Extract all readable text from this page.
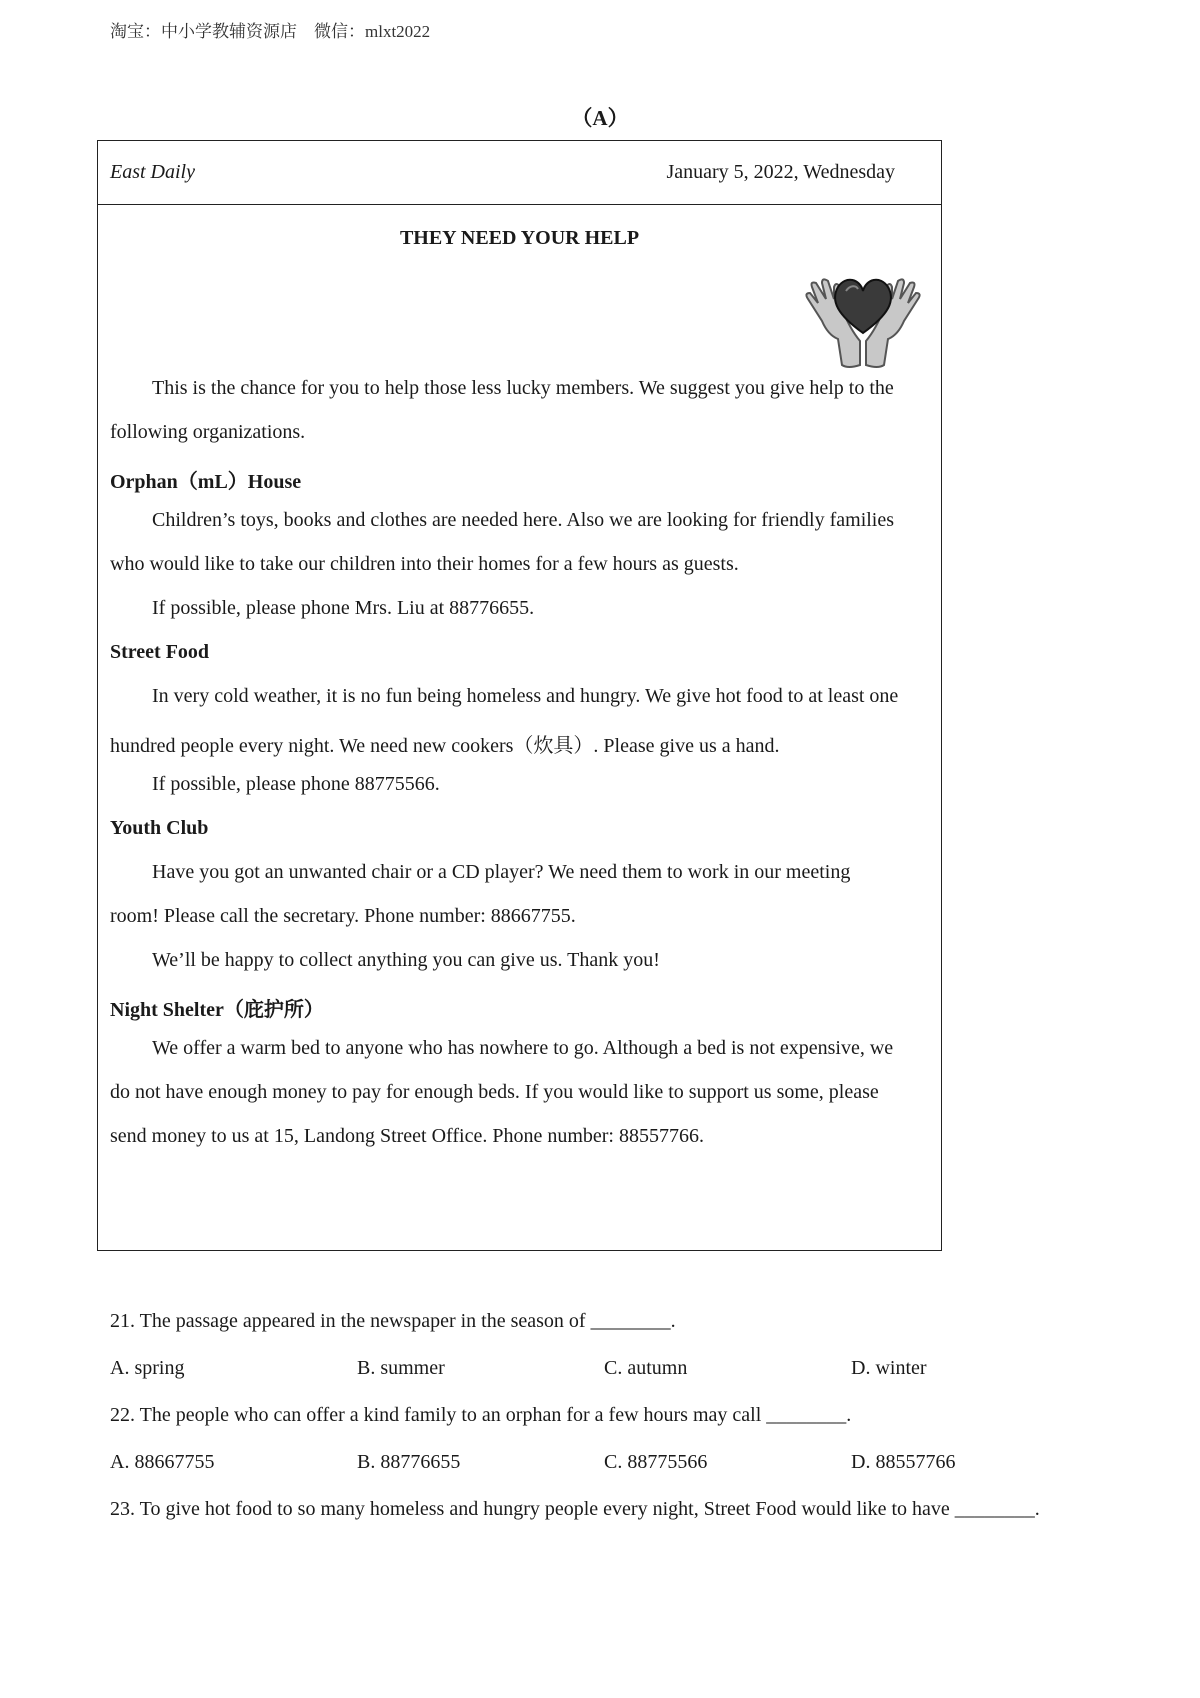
淘宝：中小学教辅资源店　微信：mlxt2022
（A）
East Daily	January 5, 2022, Wednesday
THEY NEED YOUR HELP
This is the chance for you to help those less lucky members. We suggest you give help to the
following organizations.
Orphan（mL）House
Children’s toys, books and clothes are needed here. Also we are looking for friendly families
who would like to take our children into their homes for a few hours as guests.
If possible, please phone Mrs. Liu at 88776655.
Street Food
In very cold weather, it is no fun being homeless and hungry. We give hot food to at least one
hundred people every night. We need new cookers（炊具）. Please give us a hand.
If possible, please phone 88775566.
Youth Club
Have you got an unwanted chair or a CD player? We need them to work in our meeting
room! Please call the secretary. Phone number: 88667755.
We’ll be happy to collect anything you can give us. Thank you!
Night Shelter（庇护所）
We offer a warm bed to anyone who has nowhere to go. Although a bed is not expensive, we
do not have enough money to pay for enough beds. If you would like to support us some, please
send money to us at 15, Landong Street Office. Phone number: 88557766.
21. The passage appeared in the newspaper in the season of ________.
A. spring	B. summer	C. autumn	D. winter
22. The people who can offer a kind family to an orphan for a few hours may call ________.
A. 88667755	B. 88776655	C. 88775566	D. 88557766
23. To give hot food to so many homeless and hungry people every night, Street Food would like to have ________.
